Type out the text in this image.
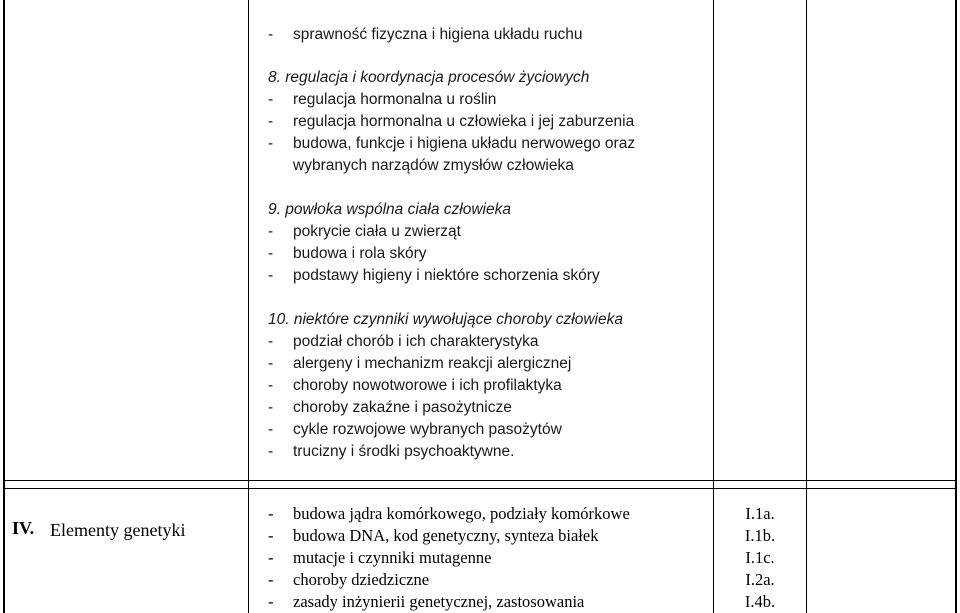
- sprawność fizyczna i higiena układu ruchu
8. regulacja i koordynacja procesów życiowych
- regulacja hormonalna u roślin
- regulacja hormonalna u człowieka i jej zaburzenia
- budowa, funkcje i higiena układu nerwowego oraz
wybranych narządów zmysłów człowieka
9. powłoka wspólna ciała człowieka
- pokrycie ciała u zwierząt
- budowa i rola skóry
- podstawy higieny i niektóre schorzenia skóry
10. niektóre czynniki wywołujące choroby człowieka
- podział chorób i ich charakterystyka
- alergeny i mechanizm reakcji alergicznej
- choroby nowotworowe i ich profilaktyka
- choroby zakaźne i pasożytnicze
- cykle rozwojowe wybranych pasożytów
- trucizny i środki psychoaktywne.
IV. Elementy genetyki
- budowa jądra komórkowego, podziały komórkowe
- budowa DNA, kod genetyczny, synteza białek
- mutacje i czynniki mutagenne
- choroby dziedziczne
- zasady inżynierii genetycznej, zastosowania
I.1a.
I.1b.
I.1c.
I.2a.
I.4b.
